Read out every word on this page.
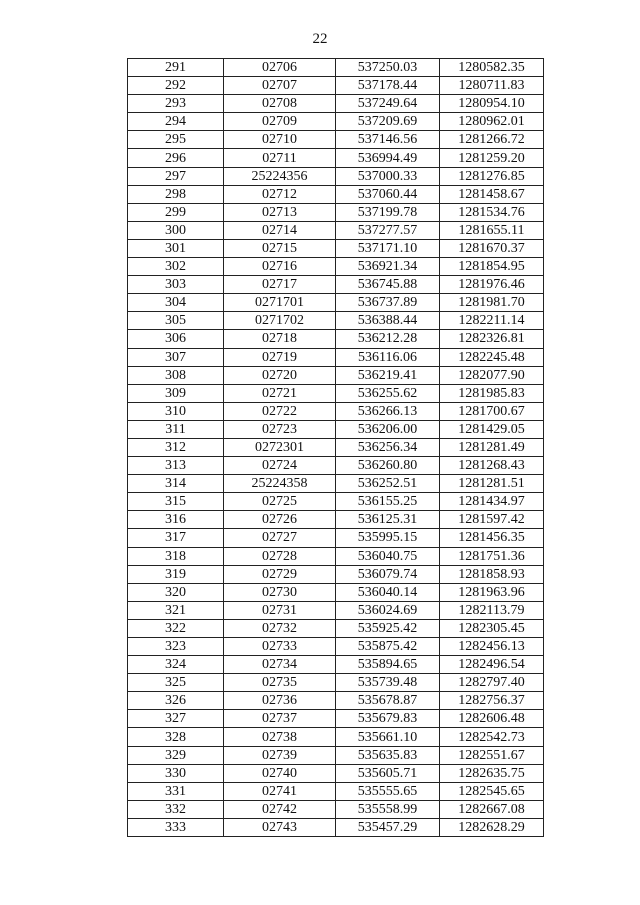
22
291	02706	537250.03	1280582.35
292	02707	537178.44	1280711.83
293	02708	537249.64	1280954.10
294	02709	537209.69	1280962.01
295	02710	537146.56	1281266.72
296	02711	536994.49	1281259.20
297	25224356	537000.33	1281276.85
298	02712	537060.44	1281458.67
299	02713	537199.78	1281534.76
300	02714	537277.57	1281655.11
301	02715	537171.10	1281670.37
302	02716	536921.34	1281854.95
303	02717	536745.88	1281976.46
304	0271701	536737.89	1281981.70
305	0271702	536388.44	1282211.14
306	02718	536212.28	1282326.81
307	02719	536116.06	1282245.48
308	02720	536219.41	1282077.90
309	02721	536255.62	1281985.83
310	02722	536266.13	1281700.67
311	02723	536206.00	1281429.05
312	0272301	536256.34	1281281.49
313	02724	536260.80	1281268.43
314	25224358	536252.51	1281281.51
315	02725	536155.25	1281434.97
316	02726	536125.31	1281597.42
317	02727	535995.15	1281456.35
318	02728	536040.75	1281751.36
319	02729	536079.74	1281858.93
320	02730	536040.14	1281963.96
321	02731	536024.69	1282113.79
322	02732	535925.42	1282305.45
323	02733	535875.42	1282456.13
324	02734	535894.65	1282496.54
325	02735	535739.48	1282797.40
326	02736	535678.87	1282756.37
327	02737	535679.83	1282606.48
328	02738	535661.10	1282542.73
329	02739	535635.83	1282551.67
330	02740	535605.71	1282635.75
331	02741	535555.65	1282545.65
332	02742	535558.99	1282667.08
333	02743	535457.29	1282628.29
